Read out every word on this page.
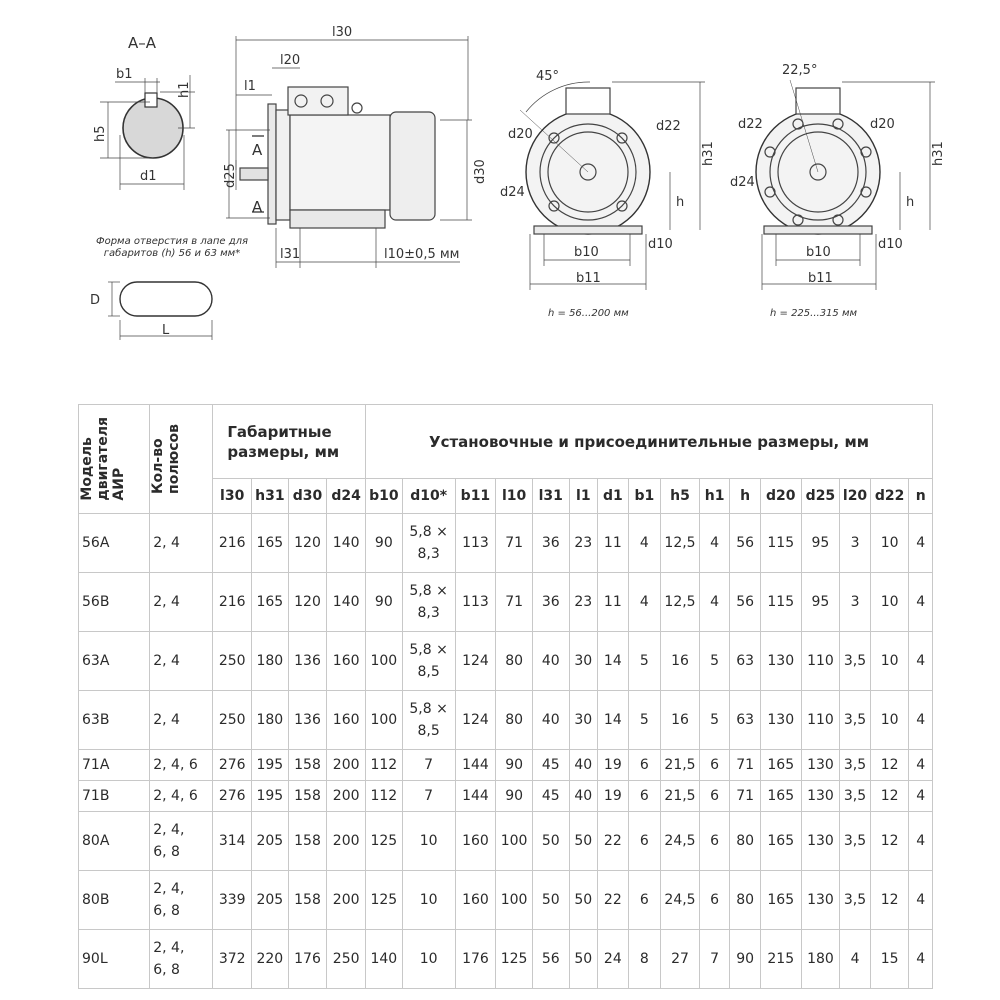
A–A
b1
h1
h5
d1
l30
l20
l1
d25
A
A
d30
l31	l10±0,5 мм
Форма отверстия в лапе для габаритов (h) 56 и 63 мм*
D
L
45°
d20
d22
d24
h31
h
b10
d10
b11
h = 56...200 мм
22,5°
d22	d20
d24
h31
h
b10
d10
b11
h = 225...315 мм
Модель
двигателя
АИР	Кол-во
полюсов	Габаритные
размеры, мм				Установочные и присоединительные размеры, мм															
		l30	h31	d30	d24	b10	d10*	b11	l10	l31	l1	d1	b1	h5	h1	h	d20	d25	l20	d22	n
56A	2, 4	216	165	120	140	90	5,8 ×
8,3	113	71	36	23	11	4	12,5	4	56	115	95	3	10	4
56B	2, 4	216	165	120	140	90	5,8 ×
8,3	113	71	36	23	11	4	12,5	4	56	115	95	3	10	4
63A	2, 4	250	180	136	160	100	5,8 ×
8,5	124	80	40	30	14	5	16	5	63	130	110	3,5	10	4
63B	2, 4	250	180	136	160	100	5,8 ×
8,5	124	80	40	30	14	5	16	5	63	130	110	3,5	10	4
71A	2, 4, 6	276	195	158	200	112	7	144	90	45	40	19	6	21,5	6	71	165	130	3,5	12	4
71B	2, 4, 6	276	195	158	200	112	7	144	90	45	40	19	6	21,5	6	71	165	130	3,5	12	4
80A	2, 4,
6, 8	314	205	158	200	125	10	160	100	50	50	22	6	24,5	6	80	165	130	3,5	12	4
80B	2, 4,
6, 8	339	205	158	200	125	10	160	100	50	50	22	6	24,5	6	80	165	130	3,5	12	4
90L	2, 4,
6, 8	372	220	176	250	140	10	176	125	56	50	24	8	27	7	90	215	180	4	15	4
